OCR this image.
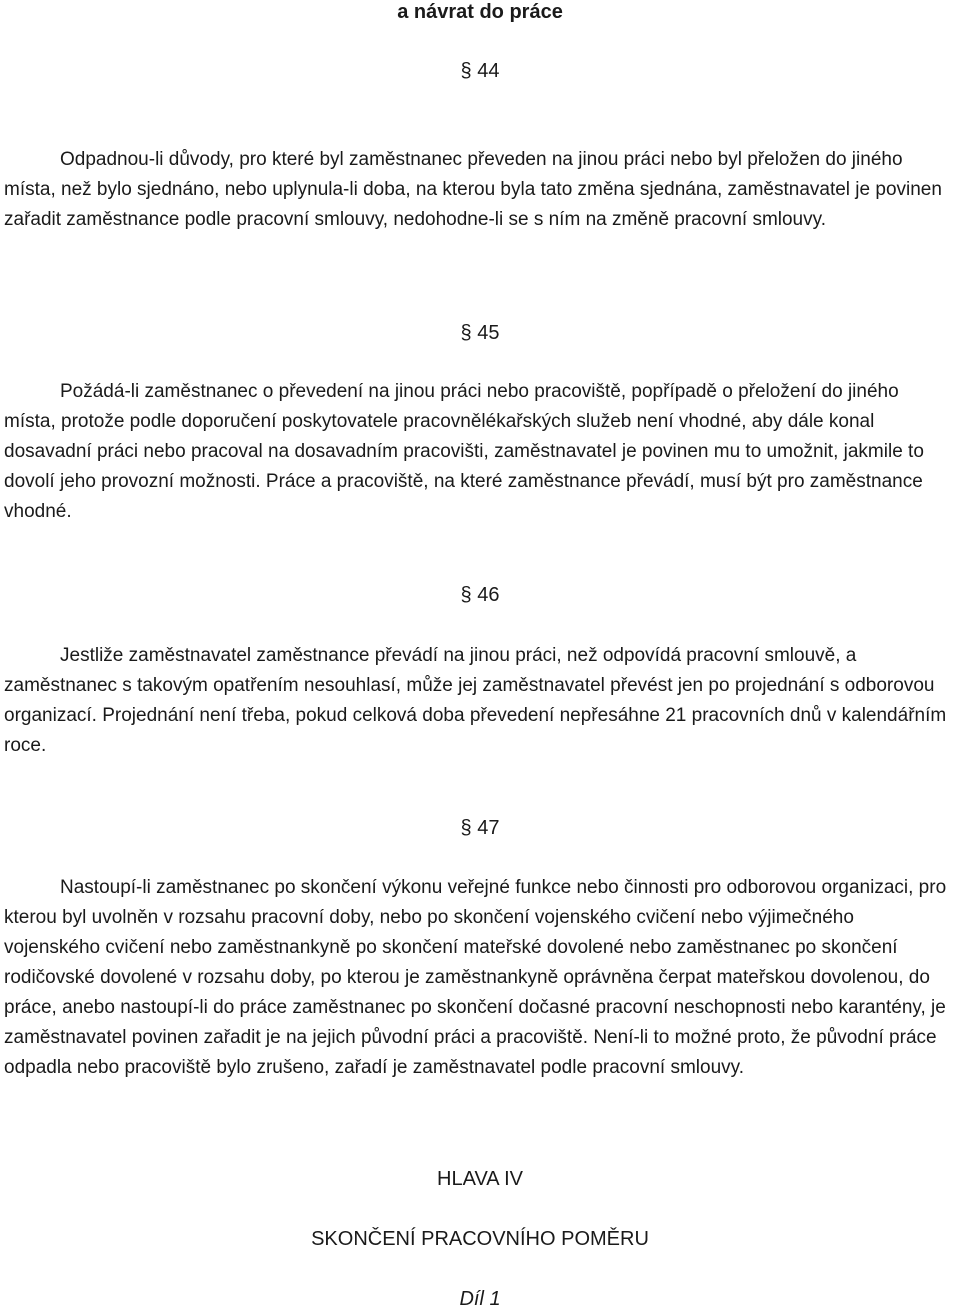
a návrat do práce
§ 44

Odpadnou-li důvody, pro které byl zaměstnanec převeden na jinou práci nebo byl přeložen do jiného místa, než bylo sjednáno, nebo uplynula-li doba, na kterou byla tato změna sjednána, zaměstnavatel je povinen zařadit zaměstnance podle pracovní smlouvy, nedohodne-li se s ním na změně pracovní smlouvy.

§ 45

Požádá-li zaměstnanec o převedení na jinou práci nebo pracoviště, popřípadě o přeložení do jiného místa, protože podle doporučení poskytovatele pracovnělékařských služeb není vhodné, aby dále konal dosavadní práci nebo pracoval na dosavadním pracovišti, zaměstnavatel je povinen mu to umožnit, jakmile to dovolí jeho provozní možnosti. Práce a pracoviště, na které zaměstnance převádí, musí být pro zaměstnance vhodné.

§ 46

Jestliže zaměstnavatel zaměstnance převádí na jinou práci, než odpovídá pracovní smlouvě, a zaměstnanec s takovým opatřením nesouhlasí, může jej zaměstnavatel převést jen po projednání s odborovou organizací. Projednání není třeba, pokud celková doba převedení nepřesáhne 21 pracovních dnů v kalendářním roce.

§ 47

Nastoupí-li zaměstnanec po skončení výkonu veřejné funkce nebo činnosti pro odborovou organizaci, pro kterou byl uvolněn v rozsahu pracovní doby, nebo po skončení vojenského cvičení nebo výjimečného vojenského cvičení nebo zaměstnankyně po skončení mateřské dovolené nebo zaměstnanec po skončení rodičovské dovolené v rozsahu doby, po kterou je zaměstnankyně oprávněna čerpat mateřskou dovolenou, do práce, anebo nastoupí-li do práce zaměstnanec po skončení dočasné pracovní neschopnosti nebo karantény, je zaměstnavatel povinen zařadit je na jejich původní práci a pracoviště. Není-li to možné proto, že původní práce odpadla nebo pracoviště bylo zrušeno, zařadí je zaměstnavatel podle pracovní smlouvy.

HLAVA IV
SKONČENÍ PRACOVNÍHO POMĚRU
Díl 1
